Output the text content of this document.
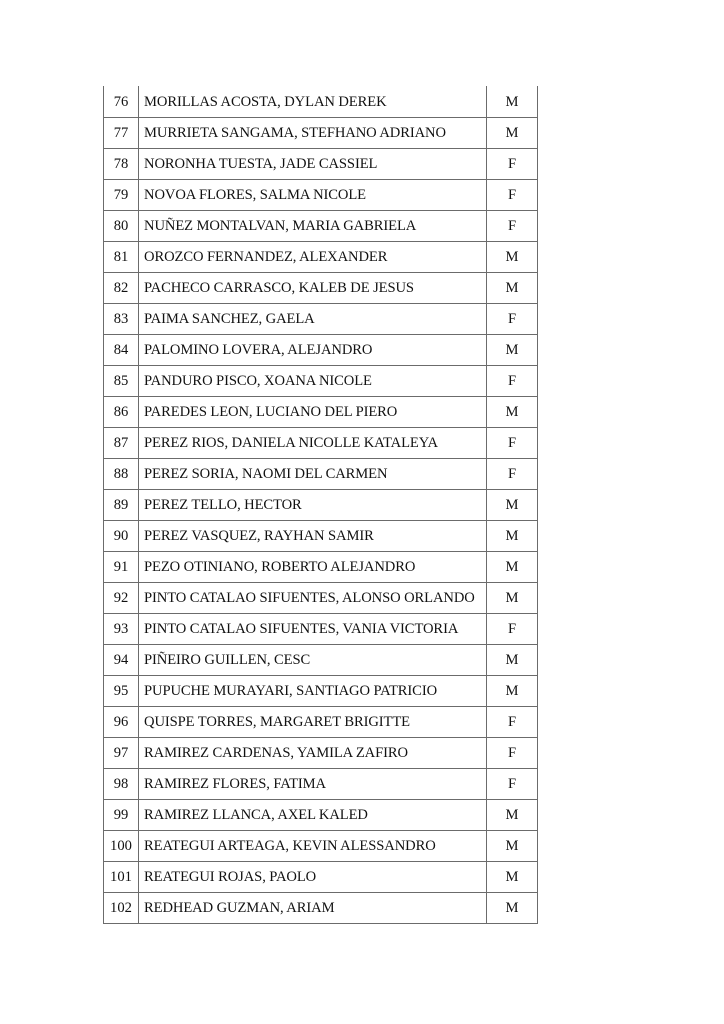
76	MORILLAS ACOSTA, DYLAN DEREK	M
77	MURRIETA SANGAMA, STEFHANO ADRIANO	M
78	NORONHA TUESTA, JADE CASSIEL	F
79	NOVOA FLORES, SALMA NICOLE	F
80	NUÑEZ MONTALVAN, MARIA GABRIELA	F
81	OROZCO FERNANDEZ, ALEXANDER	M
82	PACHECO CARRASCO, KALEB DE JESUS	M
83	PAIMA SANCHEZ, GAELA	F
84	PALOMINO LOVERA, ALEJANDRO	M
85	PANDURO PISCO, XOANA NICOLE	F
86	PAREDES LEON, LUCIANO DEL PIERO	M
87	PEREZ RIOS, DANIELA NICOLLE KATALEYA	F
88	PEREZ SORIA, NAOMI DEL CARMEN	F
89	PEREZ TELLO, HECTOR	M
90	PEREZ VASQUEZ, RAYHAN SAMIR	M
91	PEZO OTINIANO, ROBERTO ALEJANDRO	M
92	PINTO CATALAO SIFUENTES, ALONSO ORLANDO	M
93	PINTO CATALAO SIFUENTES, VANIA VICTORIA	F
94	PIÑEIRO GUILLEN, CESC	M
95	PUPUCHE MURAYARI, SANTIAGO PATRICIO	M
96	QUISPE TORRES, MARGARET BRIGITTE	F
97	RAMIREZ CARDENAS, YAMILA ZAFIRO	F
98	RAMIREZ FLORES, FATIMA	F
99	RAMIREZ LLANCA, AXEL KALED	M
100	REATEGUI ARTEAGA, KEVIN ALESSANDRO	M
101	REATEGUI ROJAS, PAOLO	M
102	REDHEAD GUZMAN, ARIAM	M
